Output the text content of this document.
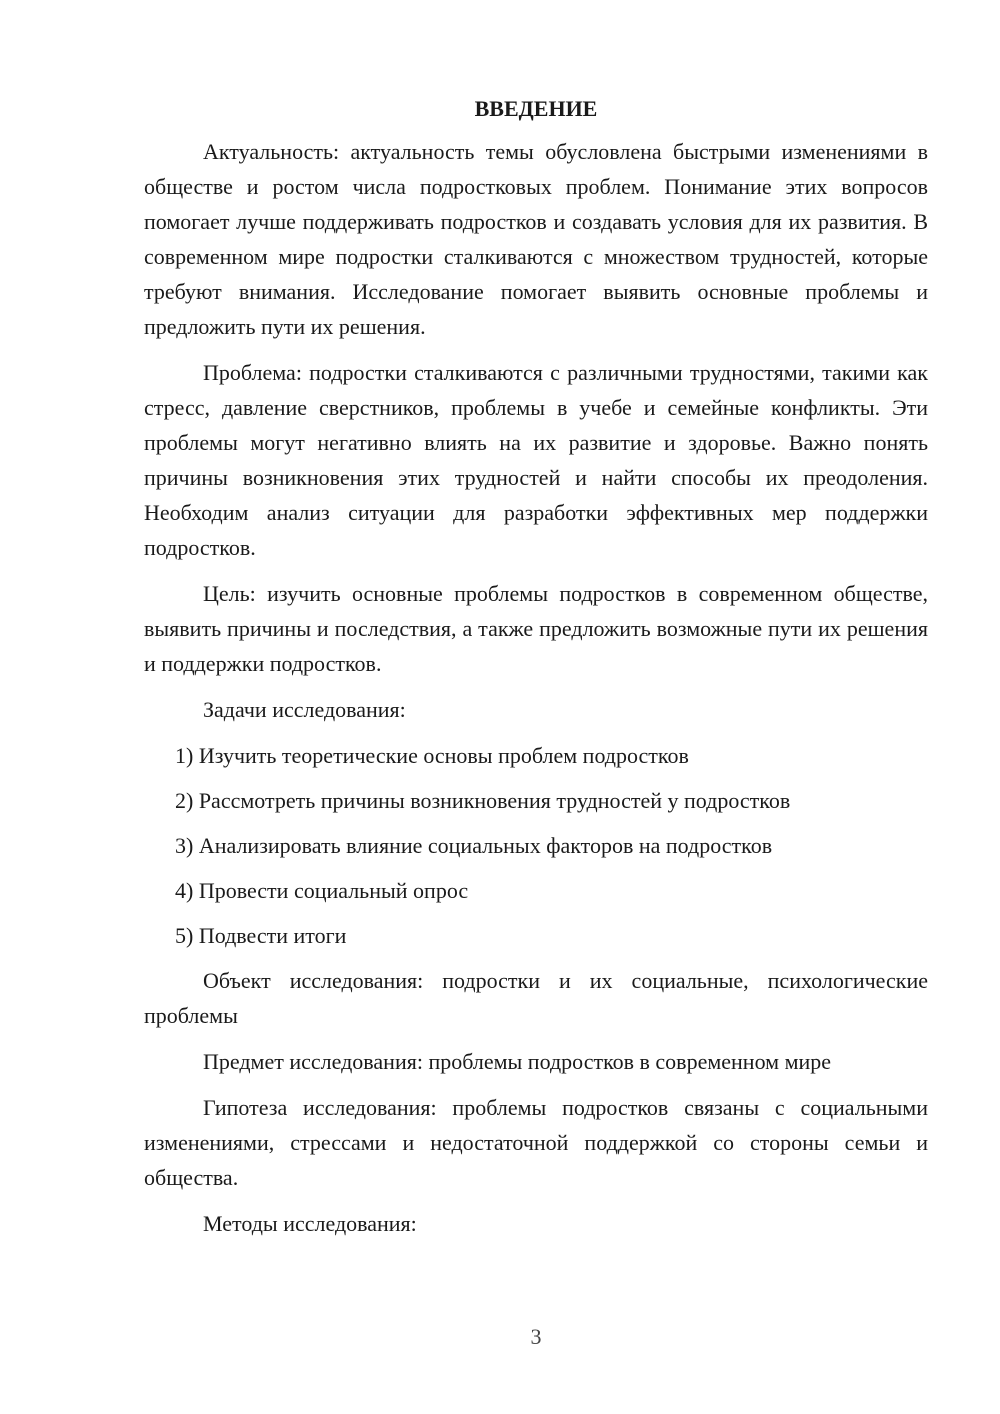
ВВЕДЕНИЕ

Актуальность: актуальность темы обусловлена быстрыми изменениями в обществе и ростом числа подростковых проблем. Понимание этих вопросов помогает лучше поддерживать подростков и создавать условия для их развития. В современном мире подростки сталкиваются с множеством трудностей, которые требуют внимания. Исследование помогает выявить основные проблемы и предложить пути их решения.

Проблема: подростки сталкиваются с различными трудностями, такими как стресс, давление сверстников, проблемы в учебе и семейные конфликты. Эти проблемы могут негативно влиять на их развитие и здоровье. Важно понять причины возникновения этих трудностей и найти способы их преодоления. Необходим анализ ситуации для разработки эффективных мер поддержки подростков.

Цель: изучить основные проблемы подростков в современном обществе, выявить причины и последствия, а также предложить возможные пути их решения и поддержки подростков.

Задачи исследования:

1) Изучить теоретические основы проблем подростков
2) Рассмотреть причины возникновения трудностей у подростков
3) Анализировать влияние социальных факторов на подростков
4) Провести социальный опрос
5) Подвести итоги

Объект исследования: подростки и их социальные, психологические проблемы

Предмет исследования: проблемы подростков в современном мире

Гипотеза исследования: проблемы подростков связаны с социальными изменениями, стрессами и недостаточной поддержкой со стороны семьи и общества.

Методы исследования:

3
